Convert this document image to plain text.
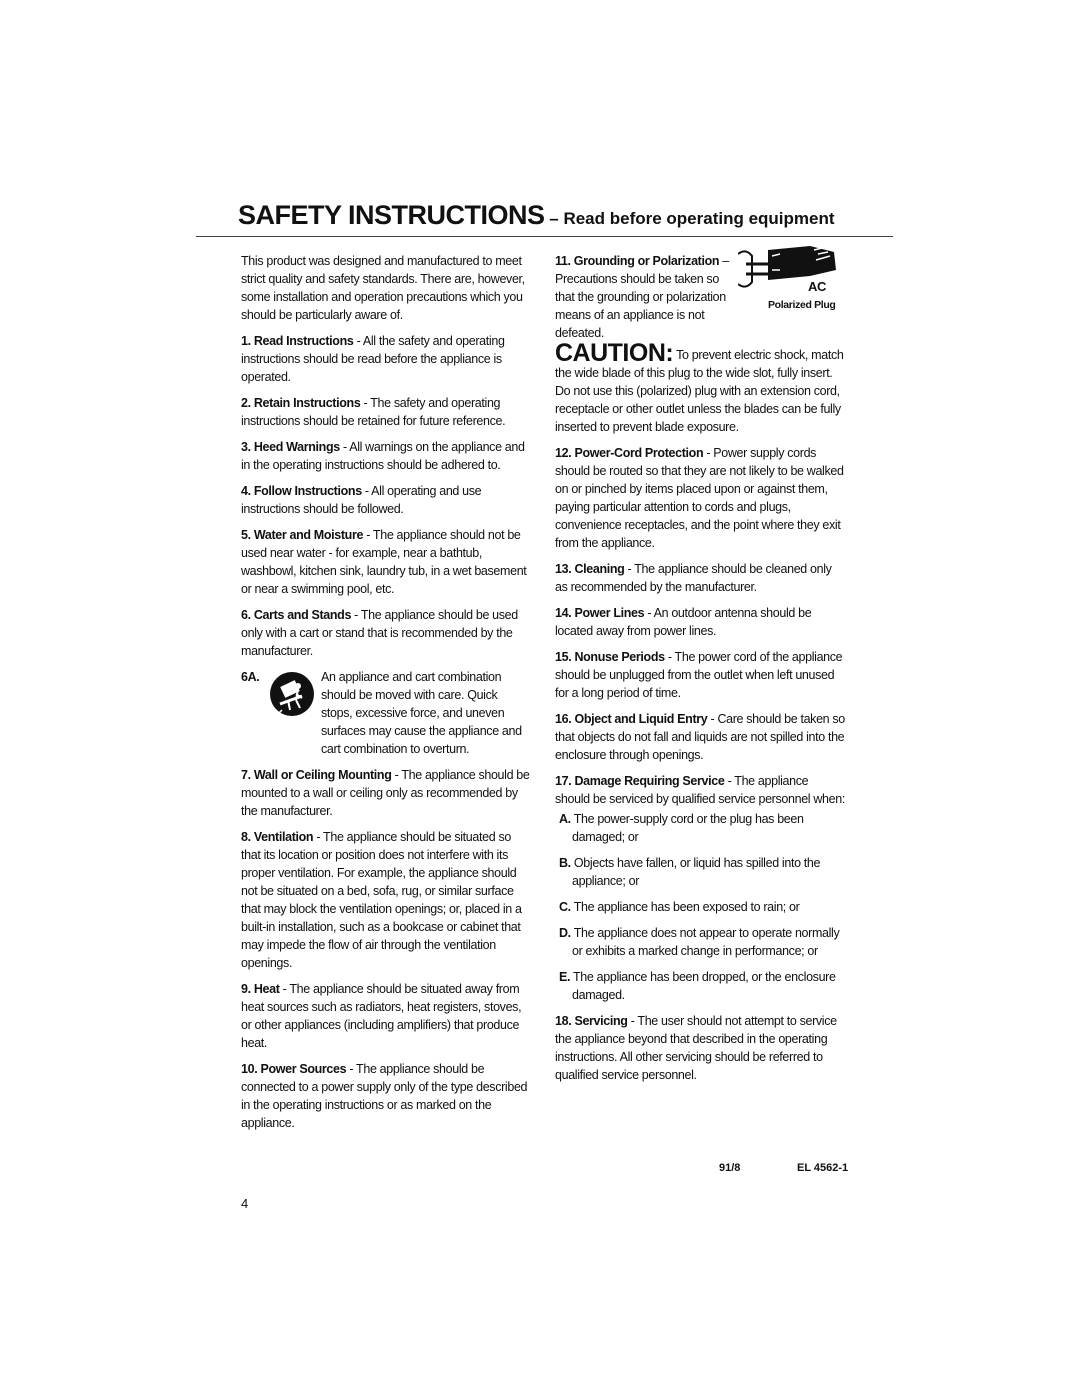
SAFETY INSTRUCTIONS – Read before operating equipment

This product was designed and manufactured to meet strict quality and safety standards. There are, however, some installation and operation precautions which you should be particularly aware of.

1. Read Instructions - All the safety and operating instructions should be read before the appliance is operated.

2. Retain Instructions - The safety and operating instructions should be retained for future reference.

3. Heed Warnings - All warnings on the appliance and in the operating instructions should be adhered to.

4. Follow Instructions - All operating and use instructions should be followed.

5. Water and Moisture - The appliance should not be used near water - for example, near a bathtub, washbowl, kitchen sink, laundry tub, in a wet basement or near a swimming pool, etc.

6. Carts and Stands - The appliance should be used only with a cart or stand that is recommended by the manufacturer.

6A.	An appliance and cart combination should be moved with care. Quick stops, excessive force, and uneven surfaces may cause the appliance and cart combination to overturn.

7. Wall or Ceiling Mounting - The appliance should be mounted to a wall or ceiling only as recommended by the manufacturer.

8. Ventilation - The appliance should be situated so that its location or position does not interfere with its proper ventilation. For example, the appliance should not be situated on a bed, sofa, rug, or similar surface that may block the ventilation openings; or, placed in a built-in installation, such as a bookcase or cabinet that may impede the flow of air through the ventilation openings.

9. Heat - The appliance should be situated away from heat sources such as radiators, heat registers, stoves, or other appliances (including amplifiers) that produce heat.

10. Power Sources - The appliance should be connected to a power supply only of the type described in the operating instructions or as marked on the appliance.

AC
Polarized Plug

11. Grounding or Polarization – Precautions should be taken so that the grounding or polarization means of an appliance is not defeated.

CAUTION: To prevent electric shock, match the wide blade of this plug to the wide slot, fully insert. Do not use this (polarized) plug with an extension cord, receptacle or other outlet unless the blades can be fully inserted to prevent blade exposure.

12. Power-Cord Protection - Power supply cords should be routed so that they are not likely to be walked on or pinched by items placed upon or against them, paying particular attention to cords and plugs, convenience receptacles, and the point where they exit from the appliance.

13. Cleaning - The appliance should be cleaned only as recommended by the manufacturer.

14. Power Lines - An outdoor antenna should be located away from power lines.

15. Nonuse Periods - The power cord of the appliance should be unplugged from the outlet when left unused for a long period of time.

16. Object and Liquid Entry - Care should be taken so that objects do not fall and liquids are not spilled into the enclosure through openings.

17. Damage Requiring Service - The appliance should be serviced by qualified service personnel when:

A. The power-supply cord or the plug has been damaged; or

B. Objects have fallen, or liquid has spilled into the appliance; or

C. The appliance has been exposed to rain; or

D. The appliance does not appear to operate normally or exhibits a marked change in performance; or

E. The appliance has been dropped, or the enclosure damaged.

18. Servicing - The user should not attempt to service the appliance beyond that described in the operating instructions. All other servicing should be referred to qualified service personnel.

91/8	EL 4562-1
4
